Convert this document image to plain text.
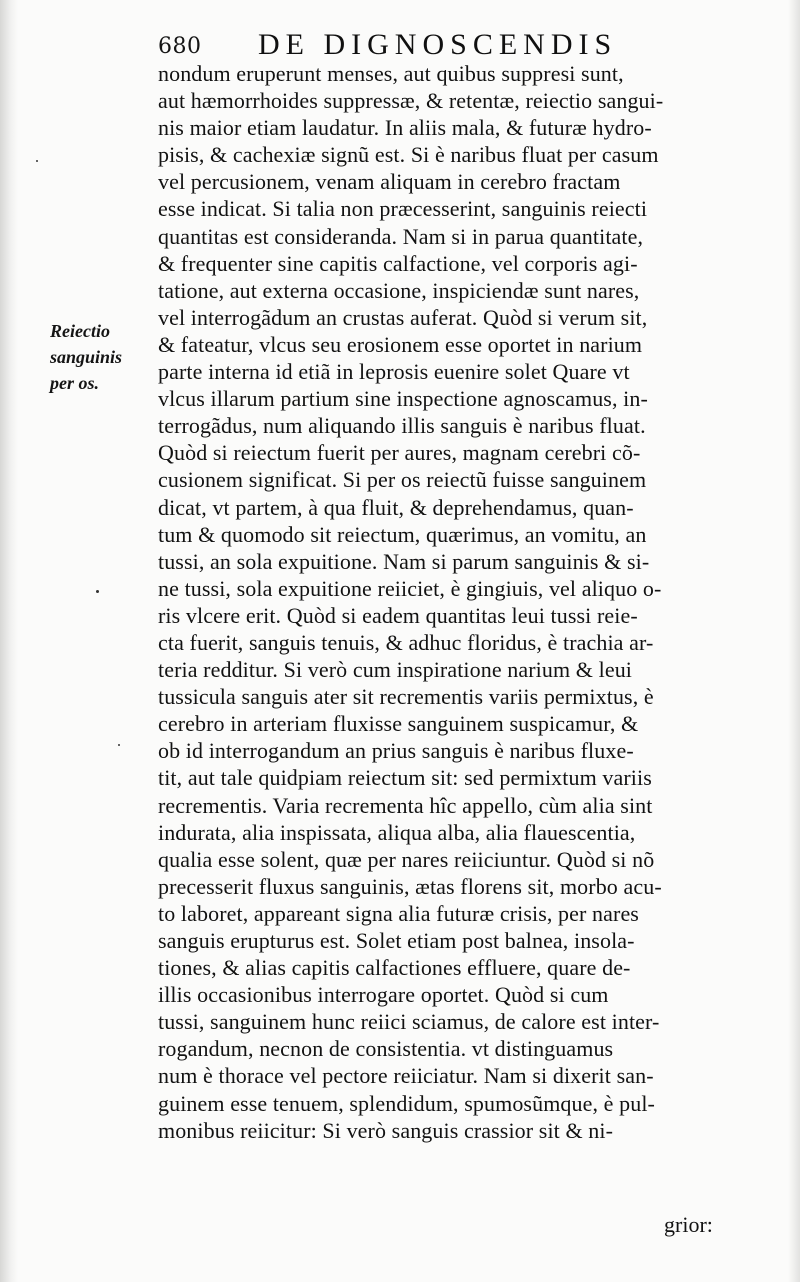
680 DE DIGNOSCENDIS
Reiectio
sanguinis
per os.
nondum eruperunt menses, aut quibus suppresi sunt,
aut hæmorrhoides suppressæ, & retentæ, reiectio sangui-
nis maior etiam laudatur. In aliis mala, & futuræ hydro-
pisis, & cachexiæ signũ est. Si è naribus fluat per casum
vel percusionem, venam aliquam in cerebro fractam
esse indicat. Si talia non præcesserint, sanguinis reiecti
quantitas est consideranda. Nam si in parua quantitate,
& frequenter sine capitis calfactione, vel corporis agi-
tatione, aut externa occasione, inspiciendæ sunt nares,
vel interrogãdum an crustas auferat. Quòd si verum sit,
& fateatur, vlcus seu erosionem esse oportet in narium
parte interna id etiã in leprosis euenire solet Quare vt
vlcus illarum partium sine inspectione agnoscamus, in-
terrogãdus, num aliquando illis sanguis è naribus fluat.
Quòd si reiectum fuerit per aures, magnam cerebri cõ-
cusionem significat. Si per os reiectũ fuisse sanguinem
dicat, vt partem, à qua fluit, & deprehendamus, quan-
tum & quomodo sit reiectum, quærimus, an vomitu, an
tussi, an sola expuitione. Nam si parum sanguinis & si-
ne tussi, sola expuitione reiiciet, è gingiuis, vel aliquo o-
ris vlcere erit. Quòd si eadem quantitas leui tussi reie-
cta fuerit, sanguis tenuis, & adhuc floridus, è trachia ar-
teria redditur. Si verò cum inspiratione narium & leui
tussicula sanguis ater sit recrementis variis permixtus, è
cerebro in arteriam fluxisse sanguinem suspicamur, &
ob id interrogandum an prius sanguis è naribus fluxe-
tit, aut tale quidpiam reiectum sit: sed permixtum variis
recrementis. Varia recrementa hîc appello, cùm alia sint
indurata, alia inspissata, aliqua alba, alia flauescentia,
qualia esse solent, quæ per nares reiiciuntur. Quòd si nõ
precesserit fluxus sanguinis, ætas florens sit, morbo acu-
to laboret, appareant signa alia futuræ crisis, per nares
sanguis erupturus est. Solet etiam post balnea, insola-
tiones, & alias capitis calfactiones effluere, quare de-
illis occasionibus interrogare oportet. Quòd si cum
tussi, sanguinem hunc reiici sciamus, de calore est inter-
rogandum, necnon de consistentia. vt distinguamus
num è thorace vel pectore reiiciatur. Nam si dixerit san-
guinem esse tenuem, splendidum, spumosũmque, è pul-
monibus reiicitur: Si verò sanguis crassior sit & ni-
grior:
